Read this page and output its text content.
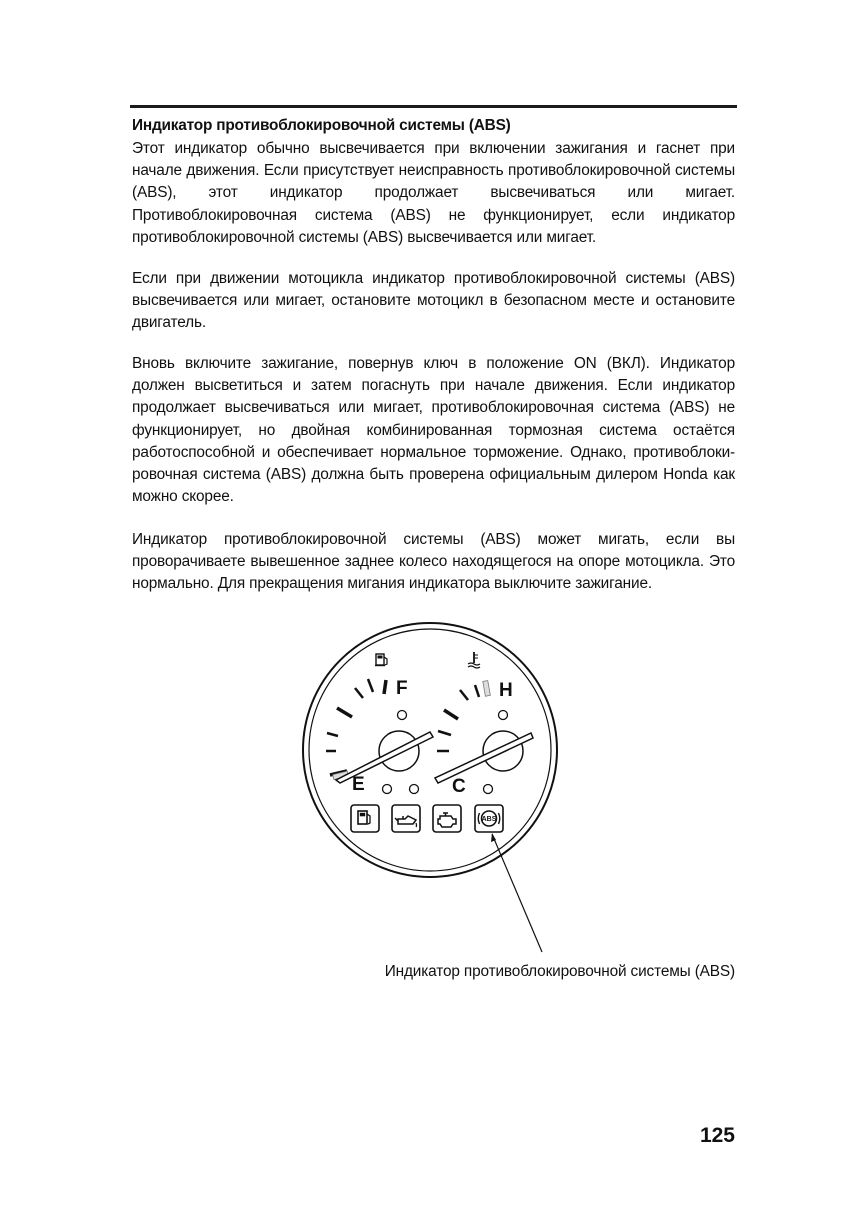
Индикатор противоблокировочной системы (ABS)

Этот индикатор обычно высвечивается при включении зажигания и гаснет при начале движения. Если присутствует неисправность противоблокировочной системы (ABS), этот индикатор продолжает высвечиваться или мигает. Противоблокировочная система (ABS) не функционирует, если индикатор противоблокировочной системы (ABS) высвечивается или мигает.

Если при движении мотоцикла индикатор противоблокировочной системы (ABS) высвечивается или мигает, остановите мотоцикл в безопасном месте и остановите двигатель.

Вновь включите зажигание, повернув ключ в положение ON (ВКЛ). Индикатор должен высветиться и затем погаснуть при начале движения. Если индикатор продолжает высвечиваться или мигает, противоблокировочная система (ABS) не функционирует, но двойная комбинированная тормозная система остаётся работоспособной и обеспечивает нормальное торможение. Однако, противоблоки-ровочная система (ABS) должна быть проверена официальным дилером Honda как можно скорее.

Индикатор противоблокировочной системы (ABS) может мигать, если вы проворачиваете вывешенное заднее колесо находящегося на опоре мотоцикла. Это нормально. Для прекращения мигания индикатора выключите зажигание.

F
E
H
C
ABS
Индикатор противоблокировочной системы (ABS)
125
